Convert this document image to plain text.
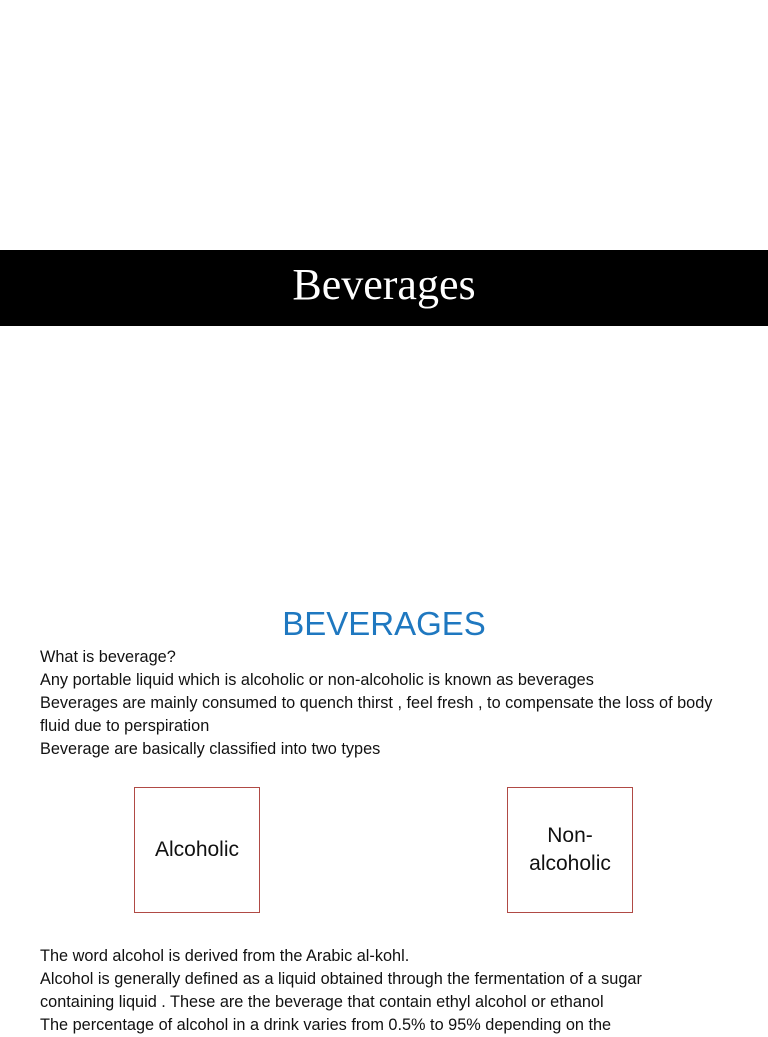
Beverages
BEVERAGES
What is beverage?
Any portable liquid which is alcoholic or non-alcoholic is known as beverages
Beverages are mainly consumed to quench thirst , feel fresh , to compensate the loss of body fluid due to perspiration
Beverage are basically classified into two types
Alcoholic
Non-
alcoholic
The word alcohol is derived from the Arabic al-kohl.
Alcohol is generally defined as a liquid obtained through the fermentation of a sugar containing liquid . These are the beverage that contain ethyl alcohol or ethanol
The percentage of alcohol in a drink varies from 0.5% to 95% depending on the
